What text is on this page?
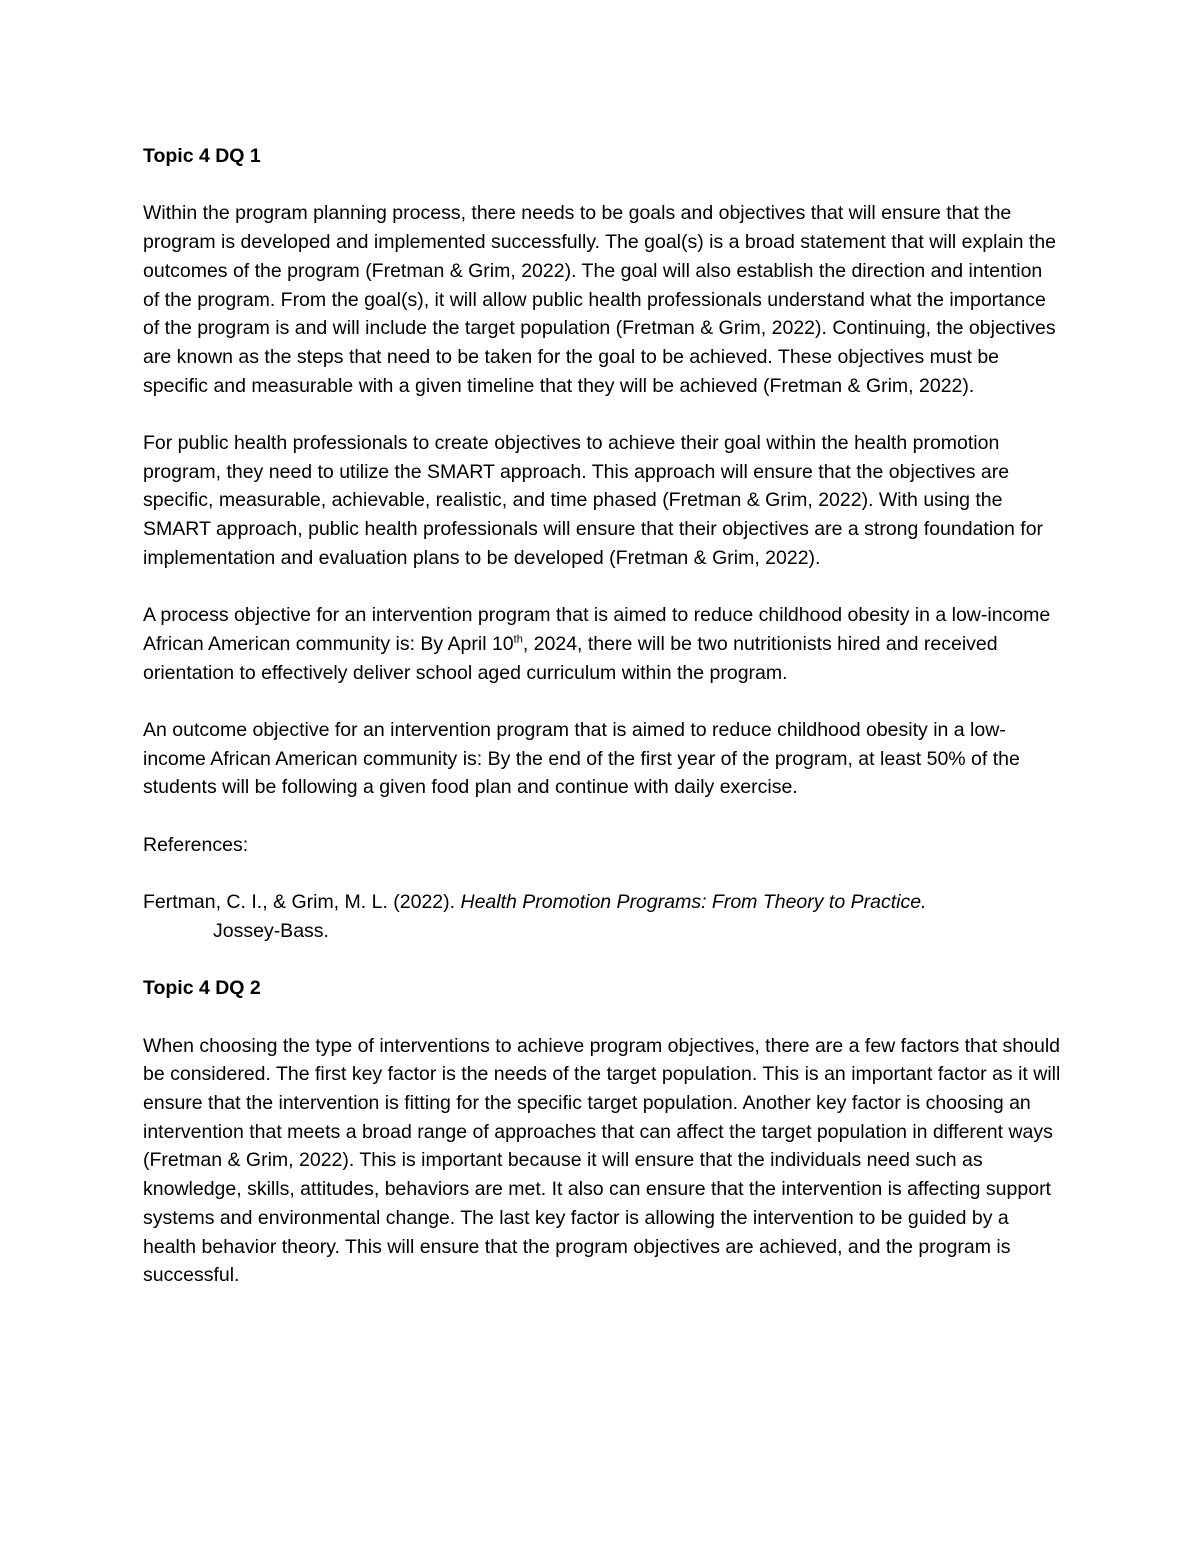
Topic 4 DQ 1
Within the program planning process, there needs to be goals and objectives that will ensure that the program is developed and implemented successfully. The goal(s) is a broad statement that will explain the outcomes of the program (Fretman & Grim, 2022). The goal will also establish the direction and intention of the program. From the goal(s), it will allow public health professionals understand what the importance of the program is and will include the target population (Fretman & Grim, 2022). Continuing, the objectives are known as the steps that need to be taken for the goal to be achieved. These objectives must be specific and measurable with a given timeline that they will be achieved (Fretman & Grim, 2022).
For public health professionals to create objectives to achieve their goal within the health promotion program, they need to utilize the SMART approach. This approach will ensure that the objectives are specific, measurable, achievable, realistic, and time phased (Fretman & Grim, 2022). With using the SMART approach, public health professionals will ensure that their objectives are a strong foundation for implementation and evaluation plans to be developed (Fretman & Grim, 2022).
A process objective for an intervention program that is aimed to reduce childhood obesity in a low-income African American community is: By April 10th, 2024, there will be two nutritionists hired and received orientation to effectively deliver school aged curriculum within the program.
An outcome objective for an intervention program that is aimed to reduce childhood obesity in a low-income African American community is: By the end of the first year of the program, at least 50% of the students will be following a given food plan and continue with daily exercise.
References:
Fertman, C. I., & Grim, M. L. (2022). Health Promotion Programs: From Theory to Practice.
Jossey-Bass.
Topic 4 DQ 2
When choosing the type of interventions to achieve program objectives, there are a few factors that should be considered. The first key factor is the needs of the target population. This is an important factor as it will ensure that the intervention is fitting for the specific target population. Another key factor is choosing an intervention that meets a broad range of approaches that can affect the target population in different ways (Fretman & Grim, 2022). This is important because it will ensure that the individuals need such as knowledge, skills, attitudes, behaviors are met. It also can ensure that the intervention is affecting support systems and environmental change. The last key factor is allowing the intervention to be guided by a health behavior theory. This will ensure that the program objectives are achieved, and the program is successful.
